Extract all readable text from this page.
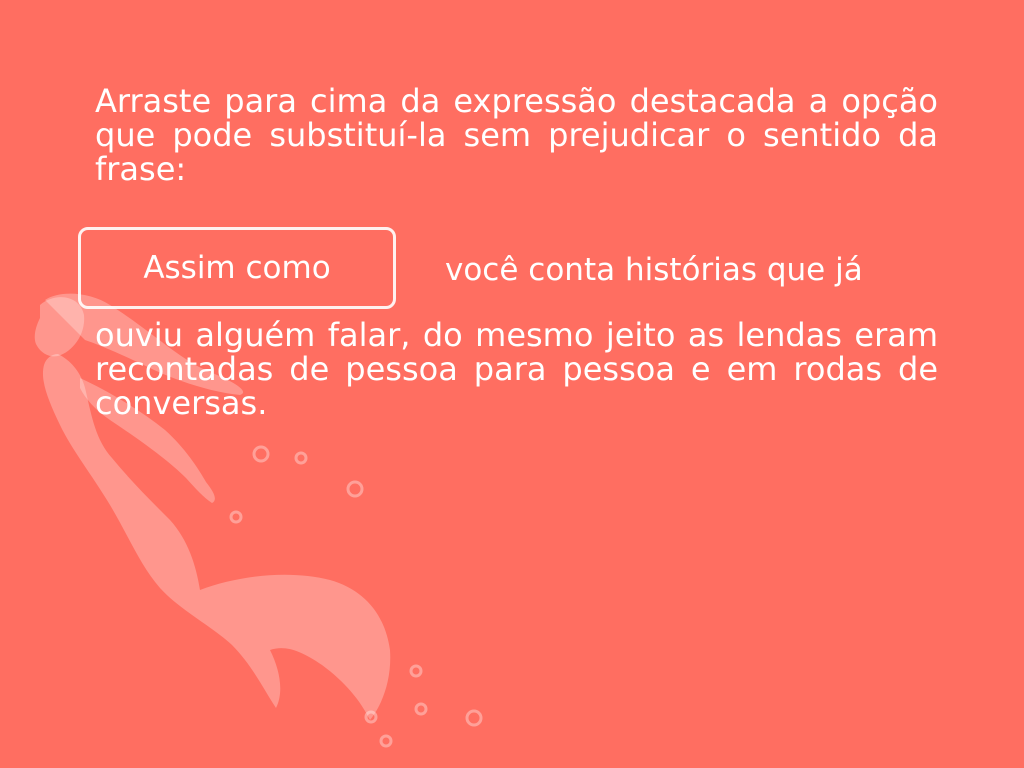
Arraste para cima da expressão destacada a opção que pode substituí-la sem prejudicar o sentido da frase:

Assim como	você conta histórias que já

ouviu alguém falar, do mesmo jeito as lendas eram recontadas de pessoa para pessoa e em rodas de conversas.
